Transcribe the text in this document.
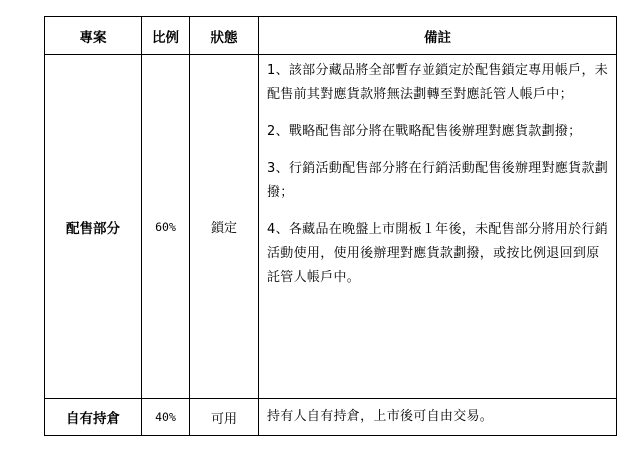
專案	比例	狀態	備註
配售部分	60%	鎖定	1、該部分藏品將全部暫存並鎖定於配售鎖定專用帳戶，未配售前其對應貨款將無法劃轉至對應託管人帳戶中；

2、戰略配售部分將在戰略配售後辦理對應貨款劃撥；

3、行銷活動配售部分將在行銷活動配售後辦理對應貨款劃撥；

4、各藏品在晚盤上市開板１年後，未配售部分將用於行銷活動使用，使用後辦理對應貨款劃撥，或按比例退回到原託管人帳戶中。

自有持倉	40%	可用	持有人自有持倉，上市後可自由交易。
